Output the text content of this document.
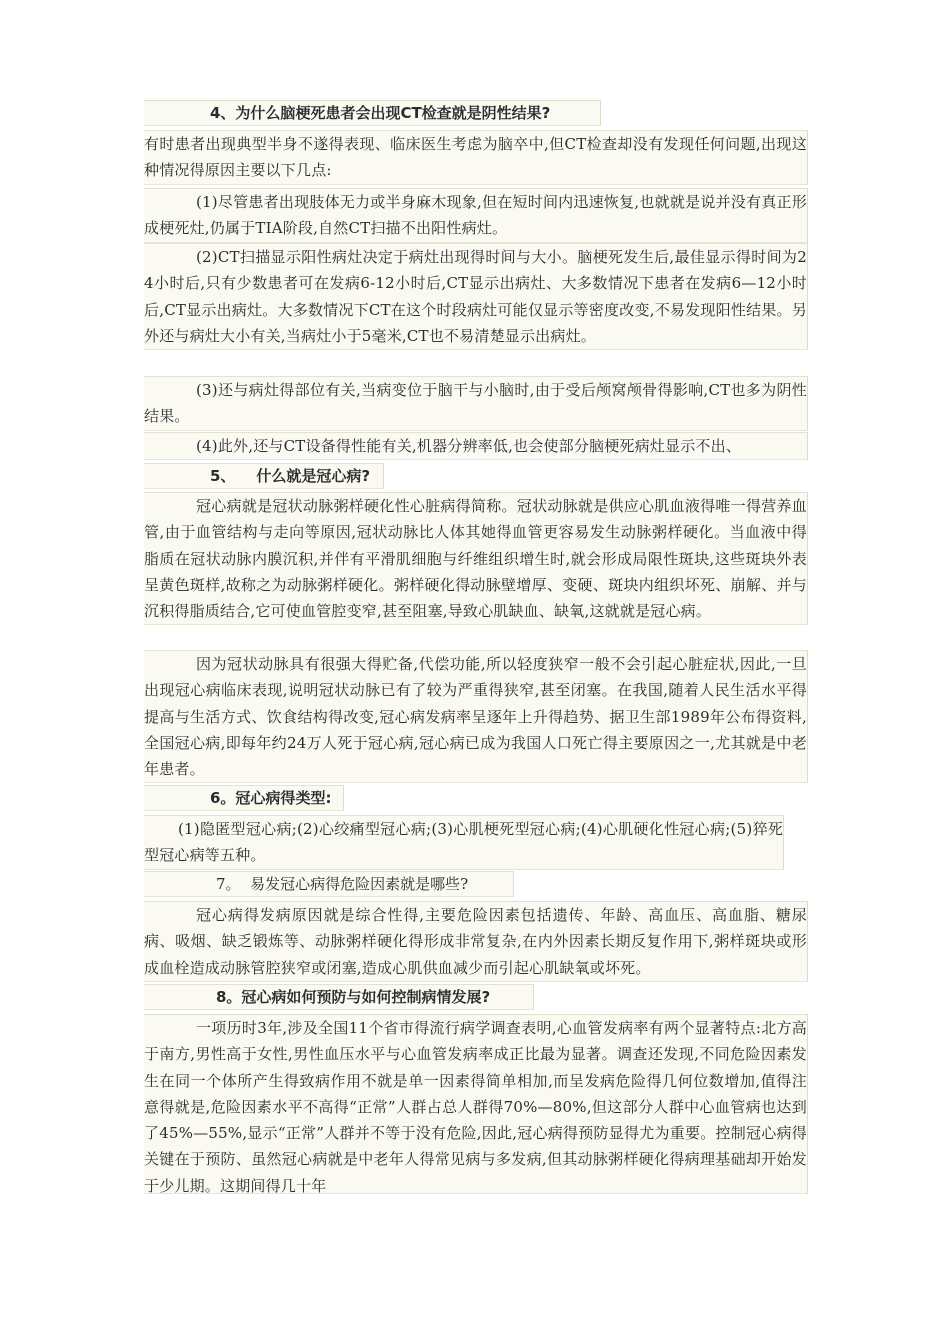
4、为什么脑梗死患者会出现CT检查就是阴性结果?

有时患者出现典型半身不遂得表现、临床医生考虑为脑卒中,但CT检查却没有发现任何问题,出现这种情况得原因主要以下几点:

(1)尽管患者出现肢体无力或半身麻木现象,但在短时间内迅速恢复,也就就是说并没有真正形成梗死灶,仍属于TIA阶段,自然CT扫描不出阳性病灶。

(2)CT扫描显示阳性病灶决定于病灶出现得时间与大小。脑梗死发生后,最佳显示得时间为24小时后,只有少数患者可在发病6-12小时后,CT显示出病灶、大多数情况下患者在发病6—12小时后,CT显示出病灶。大多数情况下CT在这个时段病灶可能仅显示等密度改变,不易发现阳性结果。另外还与病灶大小有关,当病灶小于5毫米,CT也不易清楚显示出病灶。

(3)还与病灶得部位有关,当病变位于脑干与小脑时,由于受后颅窝颅骨得影响,CT也多为阴性结果。

(4)此外,还与CT设备得性能有关,机器分辨率低,也会使部分脑梗死病灶显示不出、

5、 什么就是冠心病?

冠心病就是冠状动脉粥样硬化性心脏病得简称。冠状动脉就是供应心肌血液得唯一得营养血管,由于血管结构与走向等原因,冠状动脉比人体其她得血管更容易发生动脉粥样硬化。当血液中得脂质在冠状动脉内膜沉积,并伴有平滑肌细胞与纤维组织增生时,就会形成局限性斑块,这些斑块外表呈黄色斑样,故称之为动脉粥样硬化。粥样硬化得动脉壁增厚、变硬、斑块内组织坏死、崩解、并与沉积得脂质结合,它可使血管腔变窄,甚至阻塞,导致心肌缺血、缺氧,这就就是冠心病。

因为冠状动脉具有很强大得贮备,代偿功能,所以轻度狭窄一般不会引起心脏症状,因此,一旦出现冠心病临床表现,说明冠状动脉已有了较为严重得狭窄,甚至闭塞。在我国,随着人民生活水平得提高与生活方式、饮食结构得改变,冠心病发病率呈逐年上升得趋势、据卫生部1989年公布得资料,全国冠心病,即每年约24万人死于冠心病,冠心病已成为我国人口死亡得主要原因之一,尤其就是中老年患者。

6。冠心病得类型:

(1)隐匿型冠心病;(2)心绞痛型冠心病;(3)心肌梗死型冠心病;(4)心肌硬化性冠心病;(5)猝死型冠心病等五种。

7。  易发冠心病得危险因素就是哪些?

冠心病得发病原因就是综合性得,主要危险因素包括遗传、年龄、高血压、高血脂、糖尿病、吸烟、缺乏锻炼等、动脉粥样硬化得形成非常复杂,在内外因素长期反复作用下,粥样斑块或形成血栓造成动脉管腔狭窄或闭塞,造成心肌供血减少而引起心肌缺氧或坏死。

8。冠心病如何预防与如何控制病情发展?

一项历时3年,涉及全国11个省市得流行病学调查表明,心血管发病率有两个显著特点:北方高于南方,男性高于女性,男性血压水平与心血管发病率成正比最为显著。调查还发现,不同危险因素发生在同一个体所产生得致病作用不就是单一因素得简单相加,而呈发病危险得几何位数增加,值得注意得就是,危险因素水平不高得“正常”人群占总人群得70%—80%,但这部分人群中心血管病也达到了45%—55%,显示“正常”人群并不等于没有危险,因此,冠心病得预防显得尤为重要。控制冠心病得关键在于预防、虽然冠心病就是中老年人得常见病与多发病,但其动脉粥样硬化得病理基础却开始发于少儿期。这期间得几十年
